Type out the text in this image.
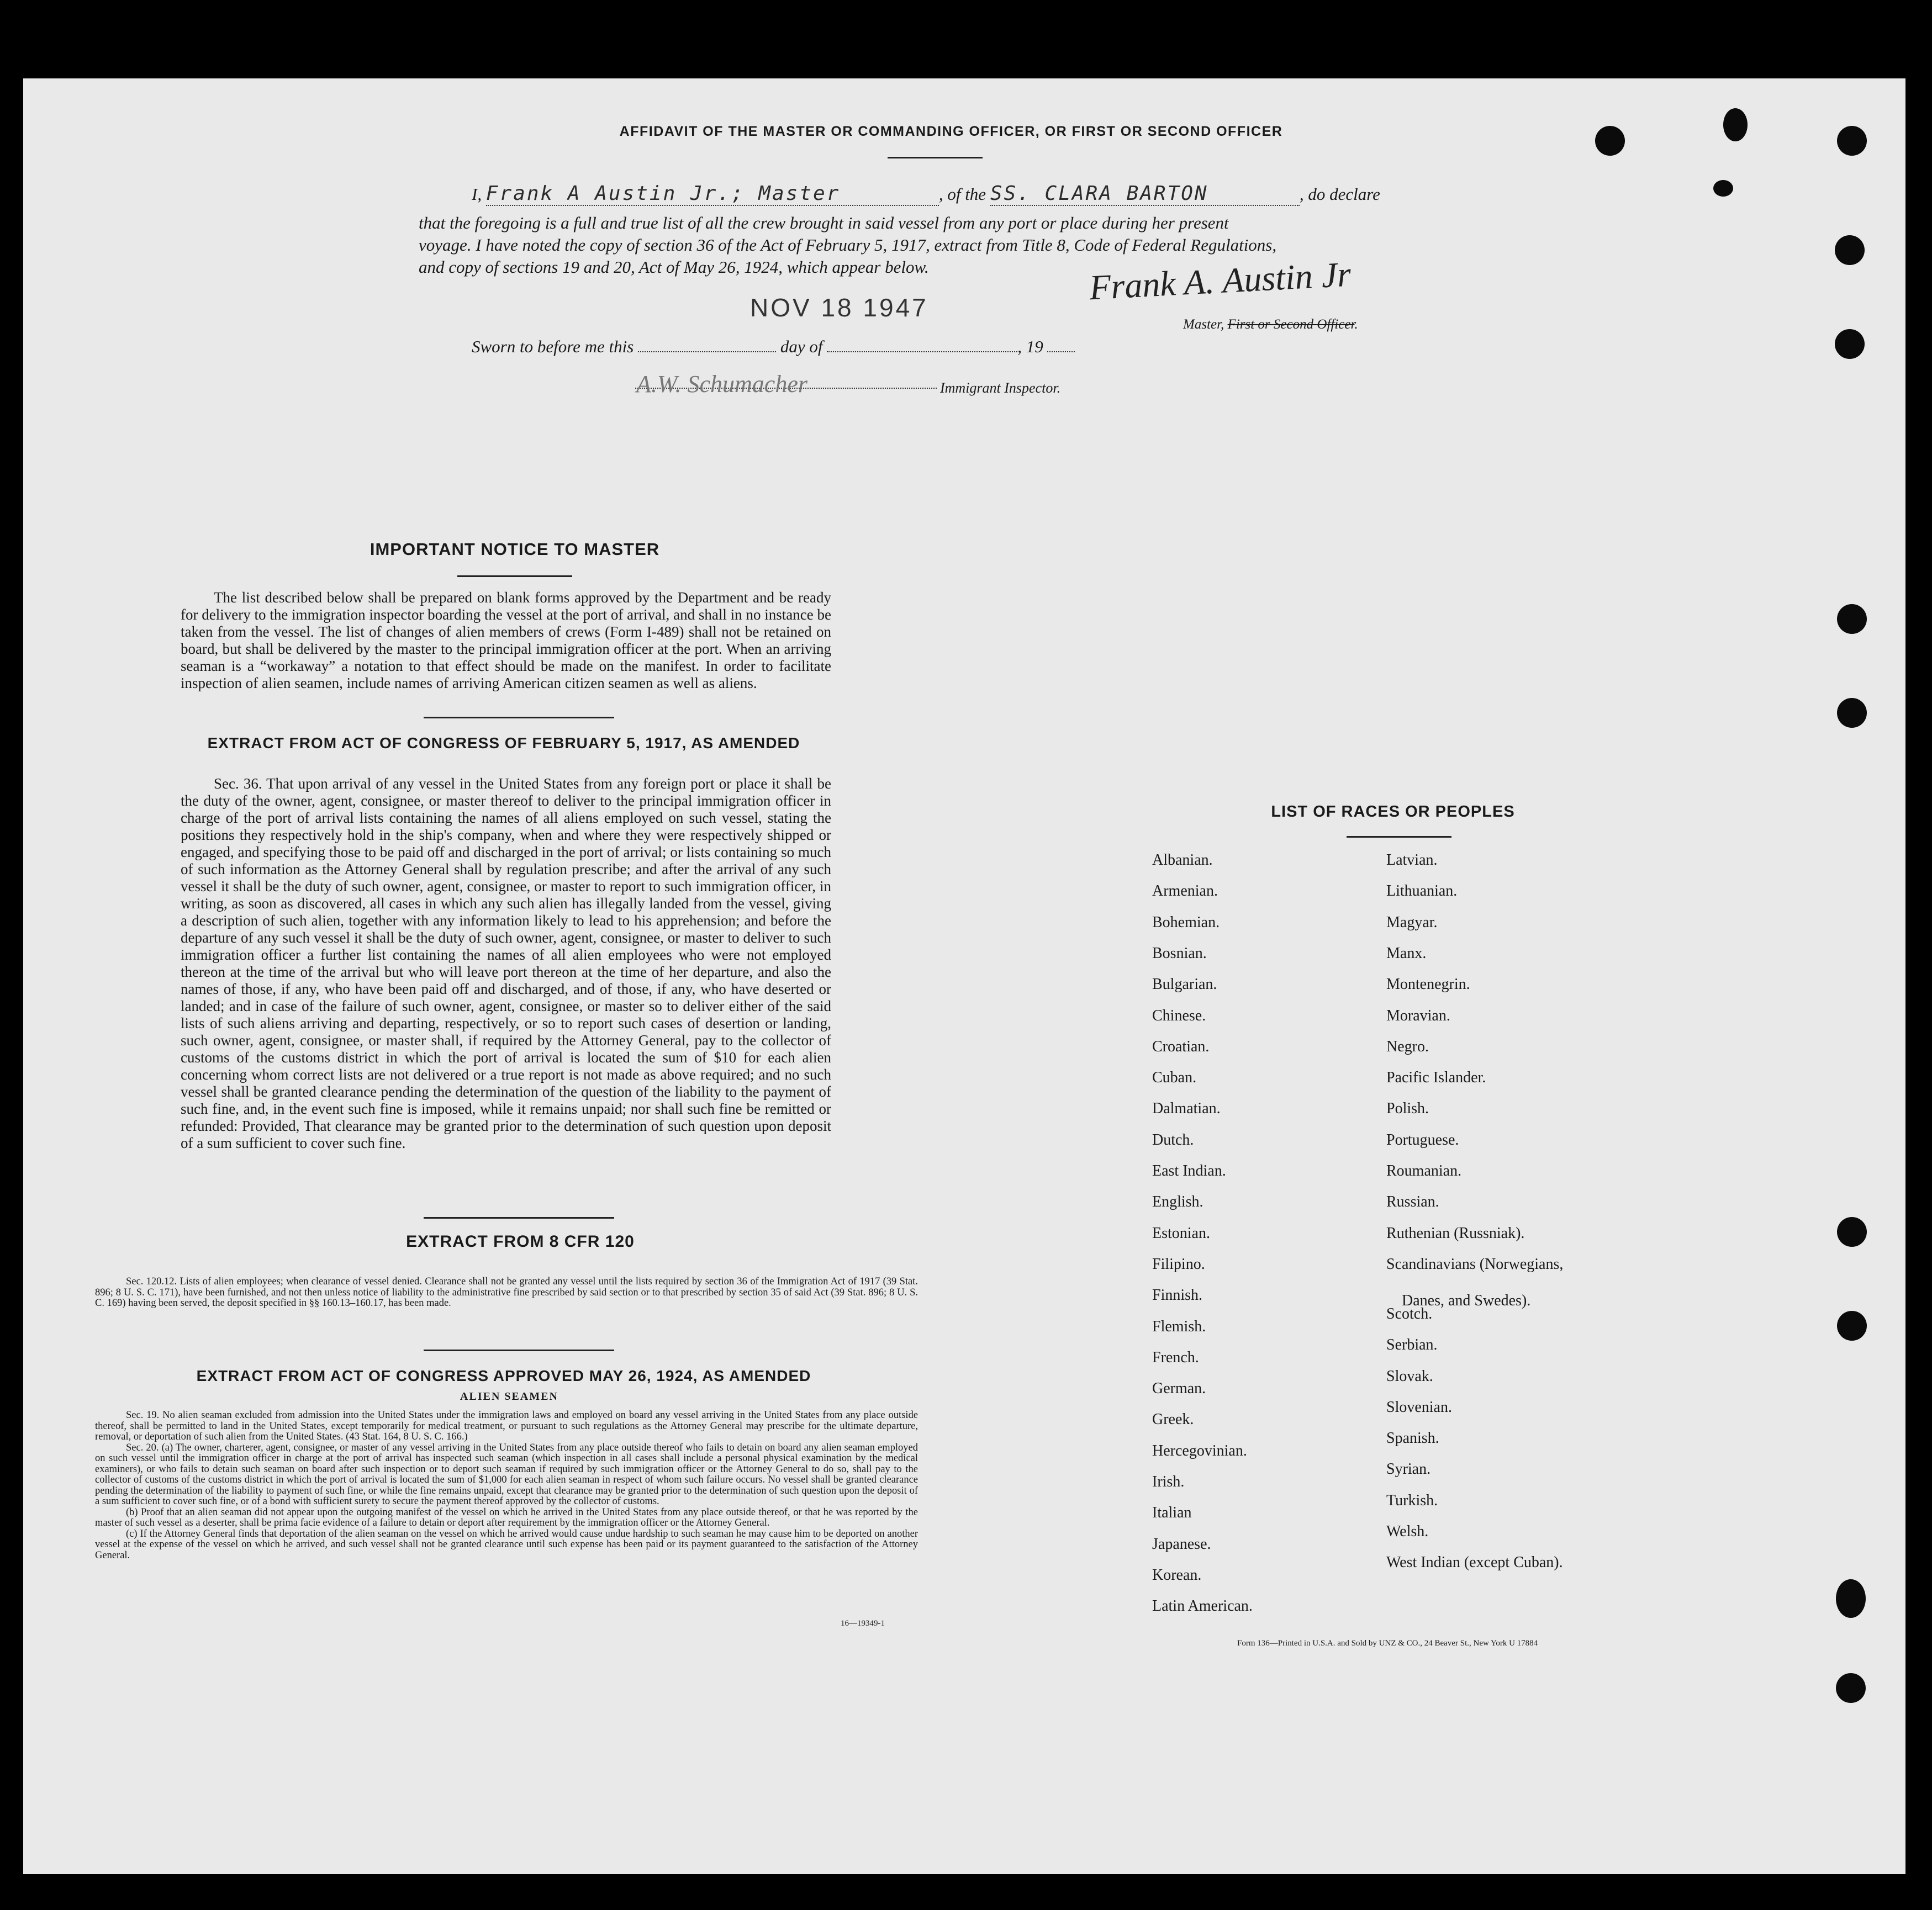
AFFIDAVIT OF THE MASTER OR COMMANDING OFFICER, OR FIRST OR SECOND OFFICER
I, Frank A Austin Jr.; Master	, of the SS. CLARA BARTON	, do declare
that the foregoing is a full and true list of all the crew brought in said vessel from any port or place during her present
voyage. I have noted the copy of section 36 of the Act of February 5, 1917, extract from Title 8, Code of Federal Regulations,
and copy of sections 19 and 20, Act of May 26, 1924, which appear below.
NOV 18 1947
Frank A. Austin Jr
Master, First or Second Officer.
Sworn to before me this	day of	, 19
A.W. Schumacher	Immigrant Inspector.
IMPORTANT NOTICE TO MASTER
The list described below shall be prepared on blank forms approved by the Department and be ready for delivery to the immigration inspector boarding the vessel at the port of arrival, and shall in no instance be taken from the vessel. The list of changes of alien members of crews (Form I-489) shall not be retained on board, but shall be delivered by the master to the principal immigration officer at the port. When an arriving seaman is a “workaway” a notation to that effect should be made on the manifest. In order to facilitate inspection of alien seamen, include names of arriving American citizen seamen as well as aliens.
EXTRACT FROM ACT OF CONGRESS OF FEBRUARY 5, 1917, AS AMENDED
Sec. 36. That upon arrival of any vessel in the United States from any foreign port or place it shall be the duty of the owner, agent, consignee, or master thereof to deliver to the principal immigration officer in charge of the port of arrival lists containing the names of all aliens employed on such vessel, stating the positions they respectively hold in the ship's company, when and where they were respectively shipped or engaged, and specifying those to be paid off and discharged in the port of arrival; or lists containing so much of such information as the Attorney General shall by regulation prescribe; and after the arrival of any such vessel it shall be the duty of such owner, agent, consignee, or master to report to such immigration officer, in writing, as soon as discovered, all cases in which any such alien has illegally landed from the vessel, giving a description of such alien, together with any information likely to lead to his apprehension; and before the departure of any such vessel it shall be the duty of such owner, agent, consignee, or master to deliver to such immigration officer a further list containing the names of all alien employees who were not employed thereon at the time of the arrival but who will leave port thereon at the time of her departure, and also the names of those, if any, who have been paid off and discharged, and of those, if any, who have deserted or landed; and in case of the failure of such owner, agent, consignee, or master so to deliver either of the said lists of such aliens arriving and departing, respectively, or so to report such cases of desertion or landing, such owner, agent, consignee, or master shall, if required by the Attorney General, pay to the collector of customs of the customs district in which the port of arrival is located the sum of $10 for each alien concerning whom correct lists are not delivered or a true report is not made as above required; and no such vessel shall be granted clearance pending the determination of the question of the liability to the payment of such fine, and, in the event such fine is imposed, while it remains unpaid; nor shall such fine be remitted or refunded: Provided, That clearance may be granted prior to the determination of such question upon deposit of a sum sufficient to cover such fine.
EXTRACT FROM 8 CFR 120
Sec. 120.12. Lists of alien employees; when clearance of vessel denied. Clearance shall not be granted any vessel until the lists required by section 36 of the Immigration Act of 1917 (39 Stat. 896; 8 U. S. C. 171), have been furnished, and not then unless notice of liability to the administrative fine prescribed by said section or to that prescribed by section 35 of said Act (39 Stat. 896; 8 U. S. C. 169) having been served, the deposit specified in §§ 160.13–160.17, has been made.
EXTRACT FROM ACT OF CONGRESS APPROVED MAY 26, 1924, AS AMENDED
ALIEN SEAMEN
Sec. 19. No alien seaman excluded from admission into the United States under the immigration laws and employed on board any vessel arriving in the United States from any place outside thereof, shall be permitted to land in the United States, except temporarily for medical treatment, or pursuant to such regulations as the Attorney General may prescribe for the ultimate departure, removal, or deportation of such alien from the United States. (43 Stat. 164, 8 U. S. C. 166.)
Sec. 20. (a) The owner, charterer, agent, consignee, or master of any vessel arriving in the United States from any place outside thereof who fails to detain on board any alien seaman employed on such vessel until the immigration officer in charge at the port of arrival has inspected such seaman (which inspection in all cases shall include a personal physical examination by the medical examiners), or who fails to detain such seaman on board after such inspection or to deport such seaman if required by such immigration officer or the Attorney General to do so, shall pay to the collector of customs of the customs district in which the port of arrival is located the sum of $1,000 for each alien seaman in respect of whom such failure occurs. No vessel shall be granted clearance pending the determination of the liability to payment of such fine, or while the fine remains unpaid, except that clearance may be granted prior to the determination of such question upon the deposit of a sum sufficient to cover such fine, or of a bond with sufficient surety to secure the payment thereof approved by the collector of customs.
(b) Proof that an alien seaman did not appear upon the outgoing manifest of the vessel on which he arrived in the United States from any place outside thereof, or that he was reported by the master of such vessel as a deserter, shall be prima facie evidence of a failure to detain or deport after requirement by the immigration officer or the Attorney General.
(c) If the Attorney General finds that deportation of the alien seaman on the vessel on which he arrived would cause undue hardship to such seaman he may cause him to be deported on another vessel at the expense of the vessel on which he arrived, and such vessel shall not be granted clearance until such expense has been paid or its payment guaranteed to the satisfaction of the Attorney General.
16—19349-1
LIST OF RACES OR PEOPLES
Form 136—Printed in U.S.A. and Sold by UNZ & CO., 24 Beaver St., New York U 17884
Albanian.
Armenian.
Bohemian.
Bosnian.
Bulgarian.
Chinese.
Croatian.
Cuban.
Dalmatian.
Dutch.
East Indian.
English.
Estonian.
Filipino.
Finnish.
Flemish.
French.
German.
Greek.
Hercegovinian.
Irish.
Italian
Japanese.
Korean.
Latin American.
Latvian.
Lithuanian.
Magyar.
Manx.
Montenegrin.
Moravian.
Negro.
Pacific Islander.
Polish.
Portuguese.
Roumanian.
Russian.
Ruthenian (Russniak).
Scandinavians (Norwegians,
Danes, and Swedes).
Scotch.
Serbian.
Slovak.
Slovenian.
Spanish.
Syrian.
Turkish.
Welsh.
West Indian (except Cuban).
